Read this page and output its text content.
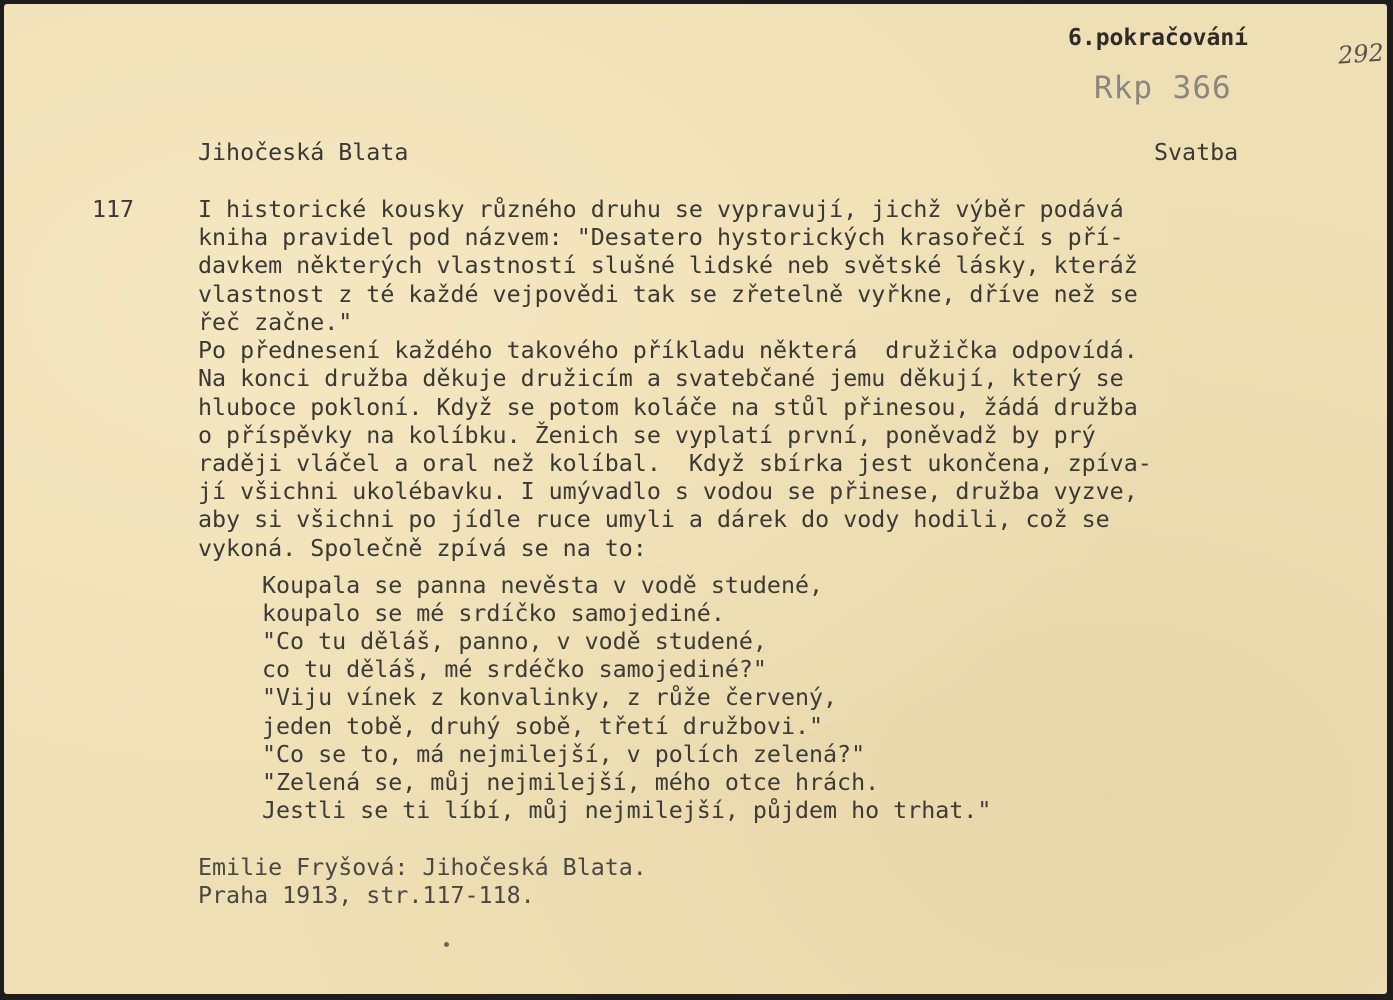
6.pokračování
292
Rkp 366
Jihočeská Blata	Svatba
117	I historické kousky různého druhu se vypravují, jichž výběr podává
kniha pravidel pod názvem: "Desatero hystorických krasořečí s pří-
davkem některých vlastností slušné lidské neb světské lásky, kteráž
vlastnost z té každé vejpovědi tak se zřetelně vyřkne, dříve než se
řeč začne."
Po přednesení každého takového příkladu některá  družička odpovídá.
Na konci družba děkuje družicím a svatebčané jemu děkují, který se
hluboce pokloní. Když se potom koláče na stůl přinesou, žádá družba
o příspěvky na kolíbku. Ženich se vyplatí první, poněvadž by prý
raději vláčel a oral než kolíbal.  Když sbírka jest ukončena, zpíva-
jí všichni ukolébavku. I umývadlo s vodou se přinese, družba vyzve,
aby si všichni po jídle ruce umyli a dárek do vody hodili, což se
vykoná. Společně zpívá se na to:
Koupala se panna nevěsta v vodě studené,
koupalo se mé srdíčko samojediné.
"Co tu děláš, panno, v vodě studené,
co tu děláš, mé srdéčko samojediné?"
"Viju vínek z konvalinky, z růže červený,
jeden tobě, druhý sobě, třetí družbovi."
"Co se to, má nejmilejší, v polích zelená?"
"Zelená se, můj nejmilejší, mého otce hrách.
Jestli se ti líbí, můj nejmilejší, půjdem ho trhat."
Emilie Fryšová: Jihočeská Blata.
Praha 1913, str.117-118.
